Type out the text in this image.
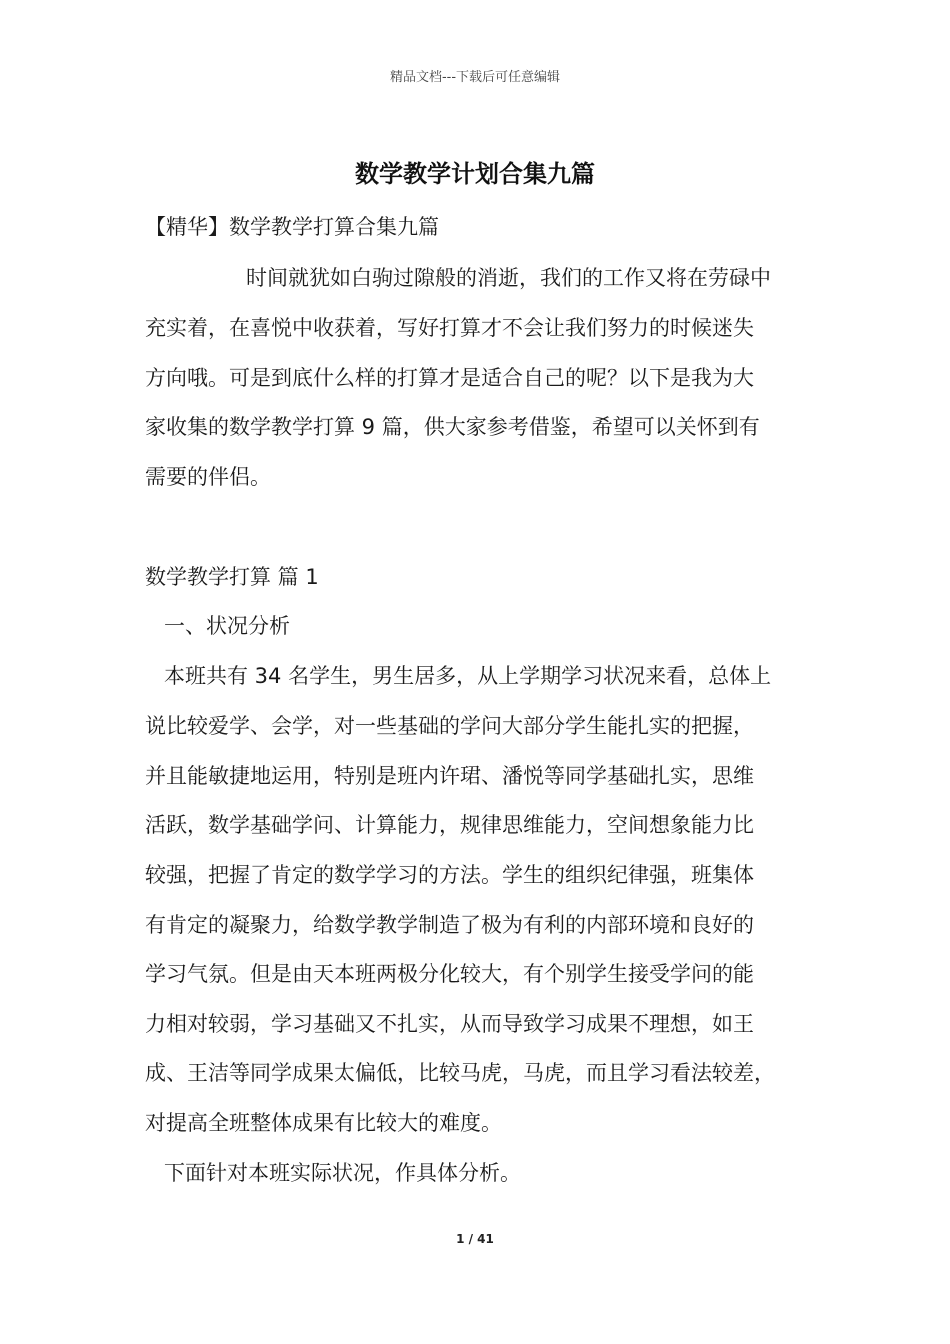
精品文档---下载后可任意编辑
数学教学计划合集九篇
【精华】数学教学打算合集九篇
时间就犹如白驹过隙般的消逝，我们的工作又将在劳碌中
充实着，在喜悦中收获着，写好打算才不会让我们努力的时候迷失
方向哦。可是到底什么样的打算才是适合自己的呢？以下是我为大
家收集的数学教学打算 9 篇，供大家参考借鉴，希望可以关怀到有
需要的伴侣。
数学教学打算 篇 1
一、状况分析
本班共有 34 名学生，男生居多，从上学期学习状况来看，总体上
说比较爱学、会学，对一些基础的学问大部分学生能扎实的把握，
并且能敏捷地运用，特别是班内许珺、潘悦等同学基础扎实，思维
活跃，数学基础学问、计算能力，规律思维能力，空间想象能力比
较强，把握了肯定的数学学习的方法。学生的组织纪律强，班集体
有肯定的凝聚力，给数学教学制造了极为有利的内部环境和良好的
学习气氛。但是由天本班两极分化较大，有个别学生接受学问的能
力相对较弱，学习基础又不扎实，从而导致学习成果不理想，如王
成、王洁等同学成果太偏低，比较马虎，马虎，而且学习看法较差，
对提高全班整体成果有比较大的难度。
下面针对本班实际状况，作具体分析。
1 / 41
